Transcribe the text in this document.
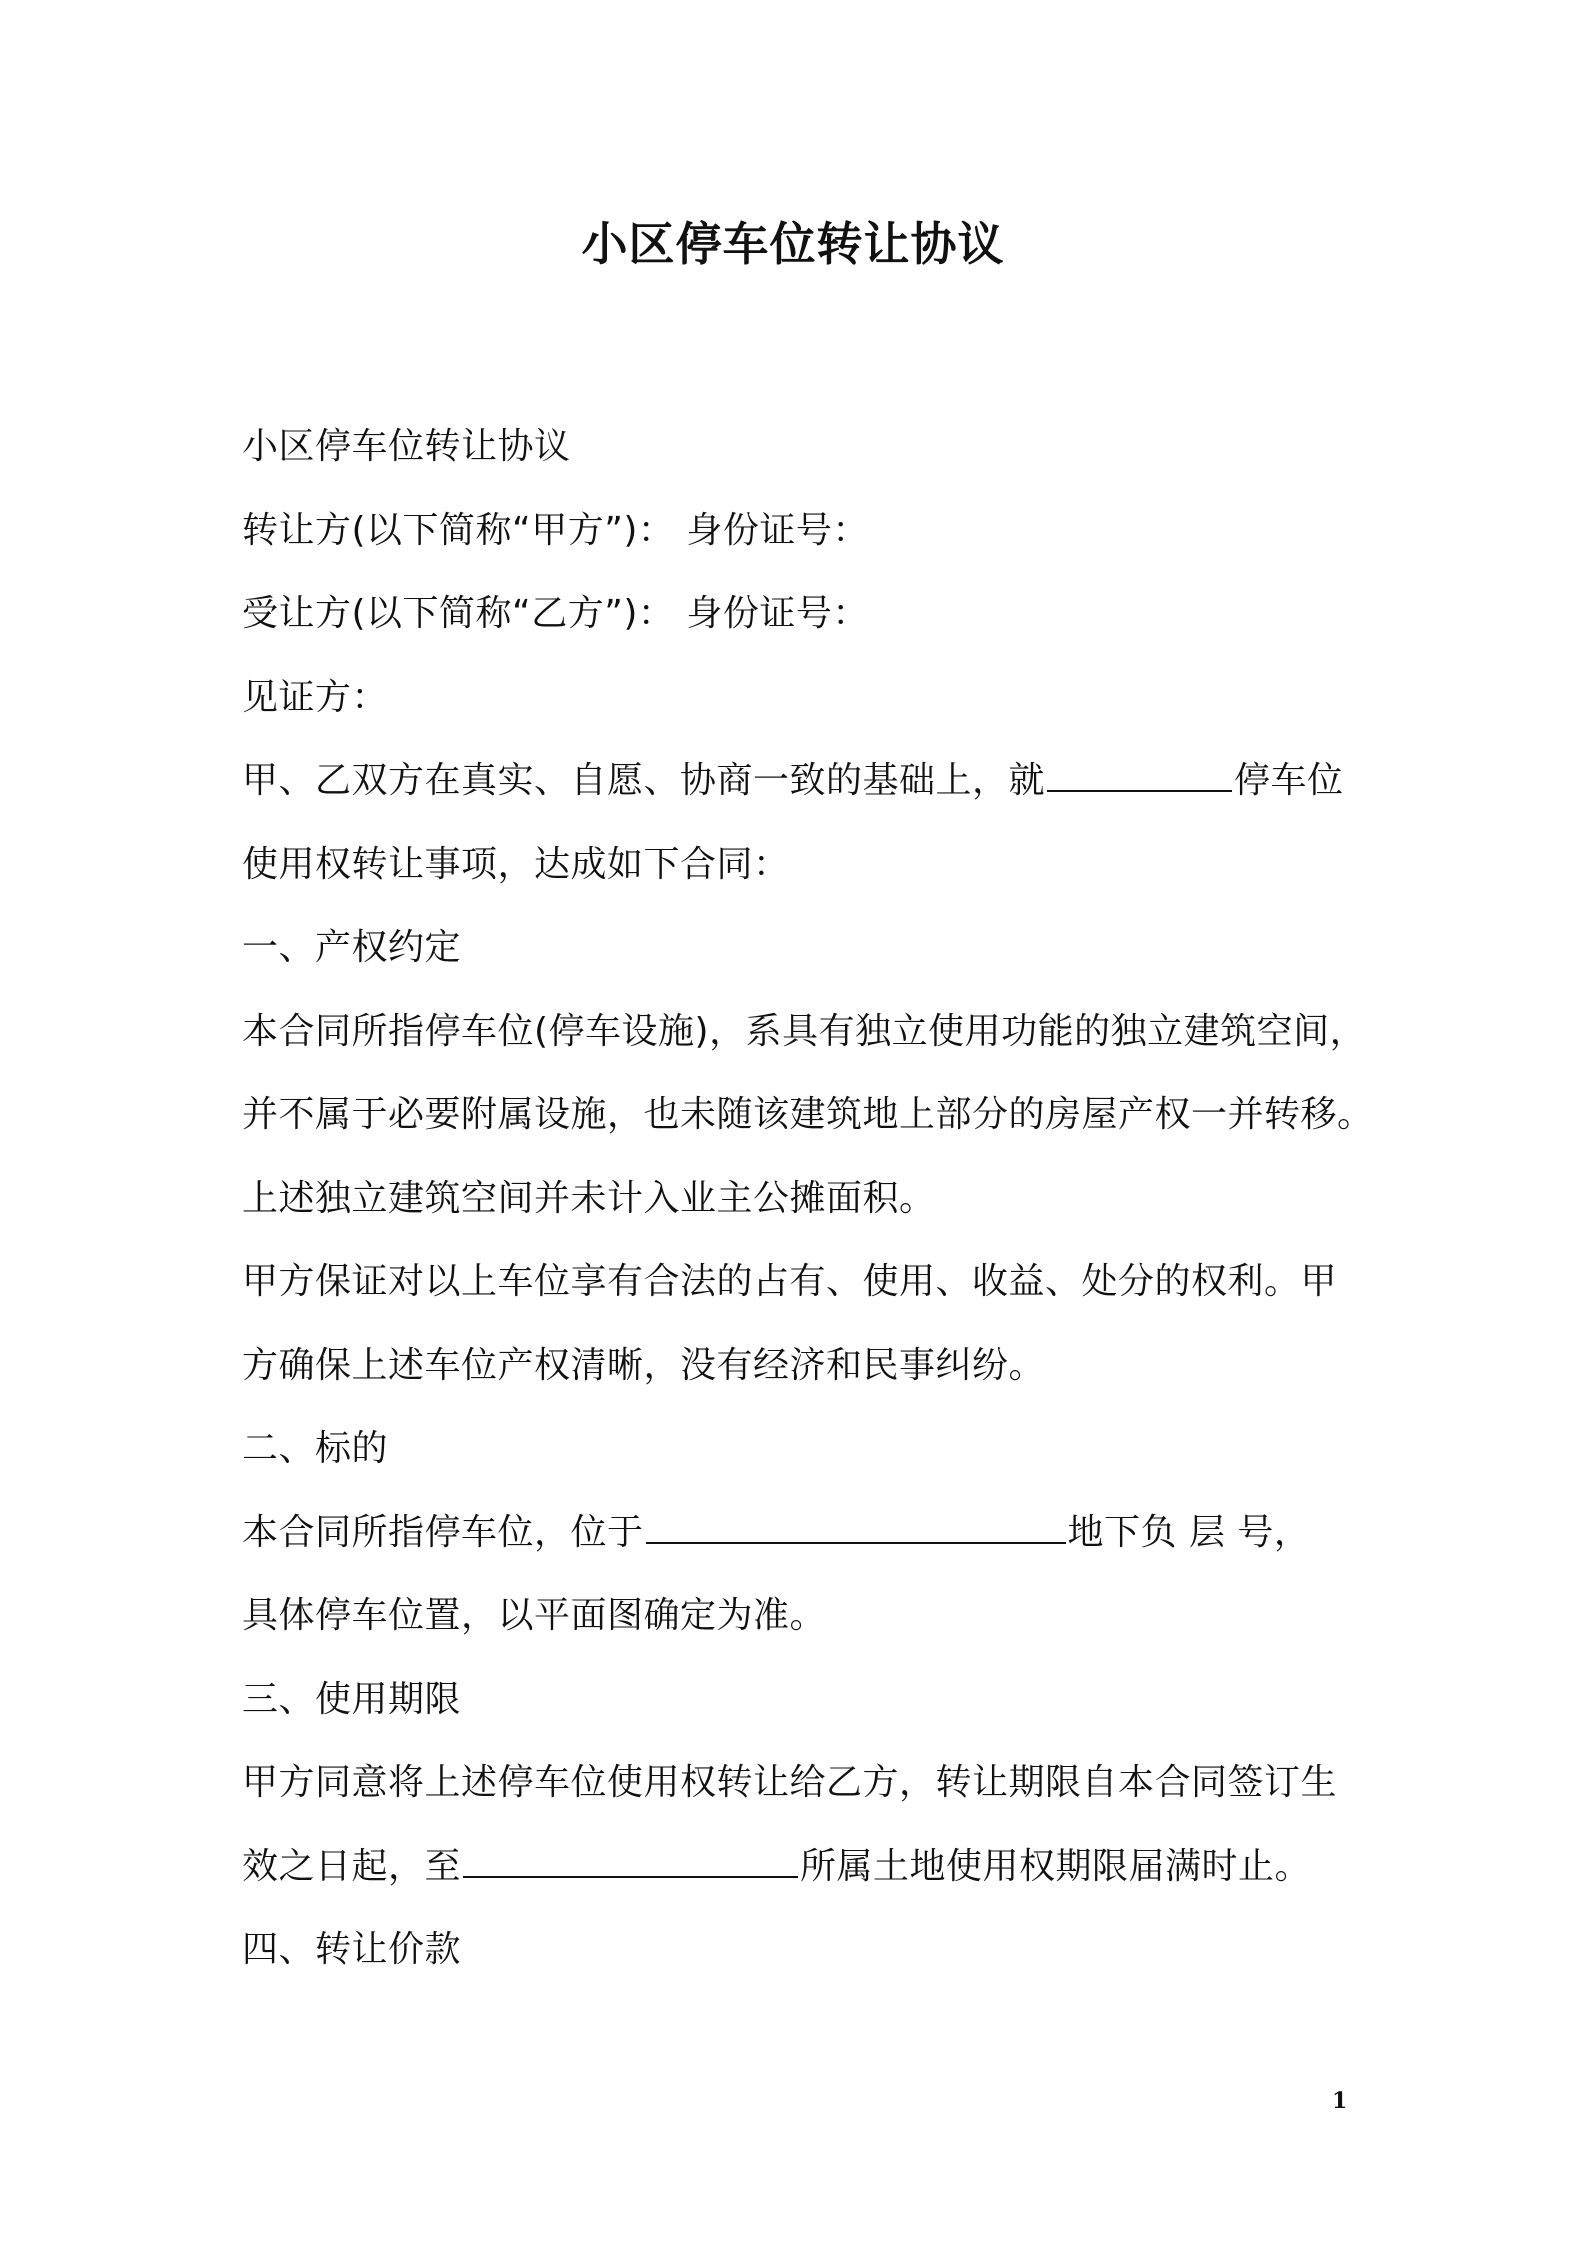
小区停车位转让协议
小区停车位转让协议
转让方(以下简称“甲方”)： 身份证号：
受让方(以下简称“乙方”)： 身份证号：
见证方：
甲、乙双方在真实、自愿、协商一致的基础上，就	停车位
使用权转让事项，达成如下合同：
一、产权约定
本合同所指停车位(停车设施)，系具有独立使用功能的独立建筑空间，
并不属于必要附属设施，也未随该建筑地上部分的房屋产权一并转移。
上述独立建筑空间并未计入业主公摊面积。
甲方保证对以上车位享有合法的占有、使用、收益、处分的权利。甲
方确保上述车位产权清晰，没有经济和民事纠纷。
二、标的
本合同所指停车位，位于	地下负 层 号，
具体停车位置，以平面图确定为准。
三、使用期限
甲方同意将上述停车位使用权转让给乙方，转让期限自本合同签订生
效之日起，至	所属土地使用权期限届满时止。
四、转让价款
1
